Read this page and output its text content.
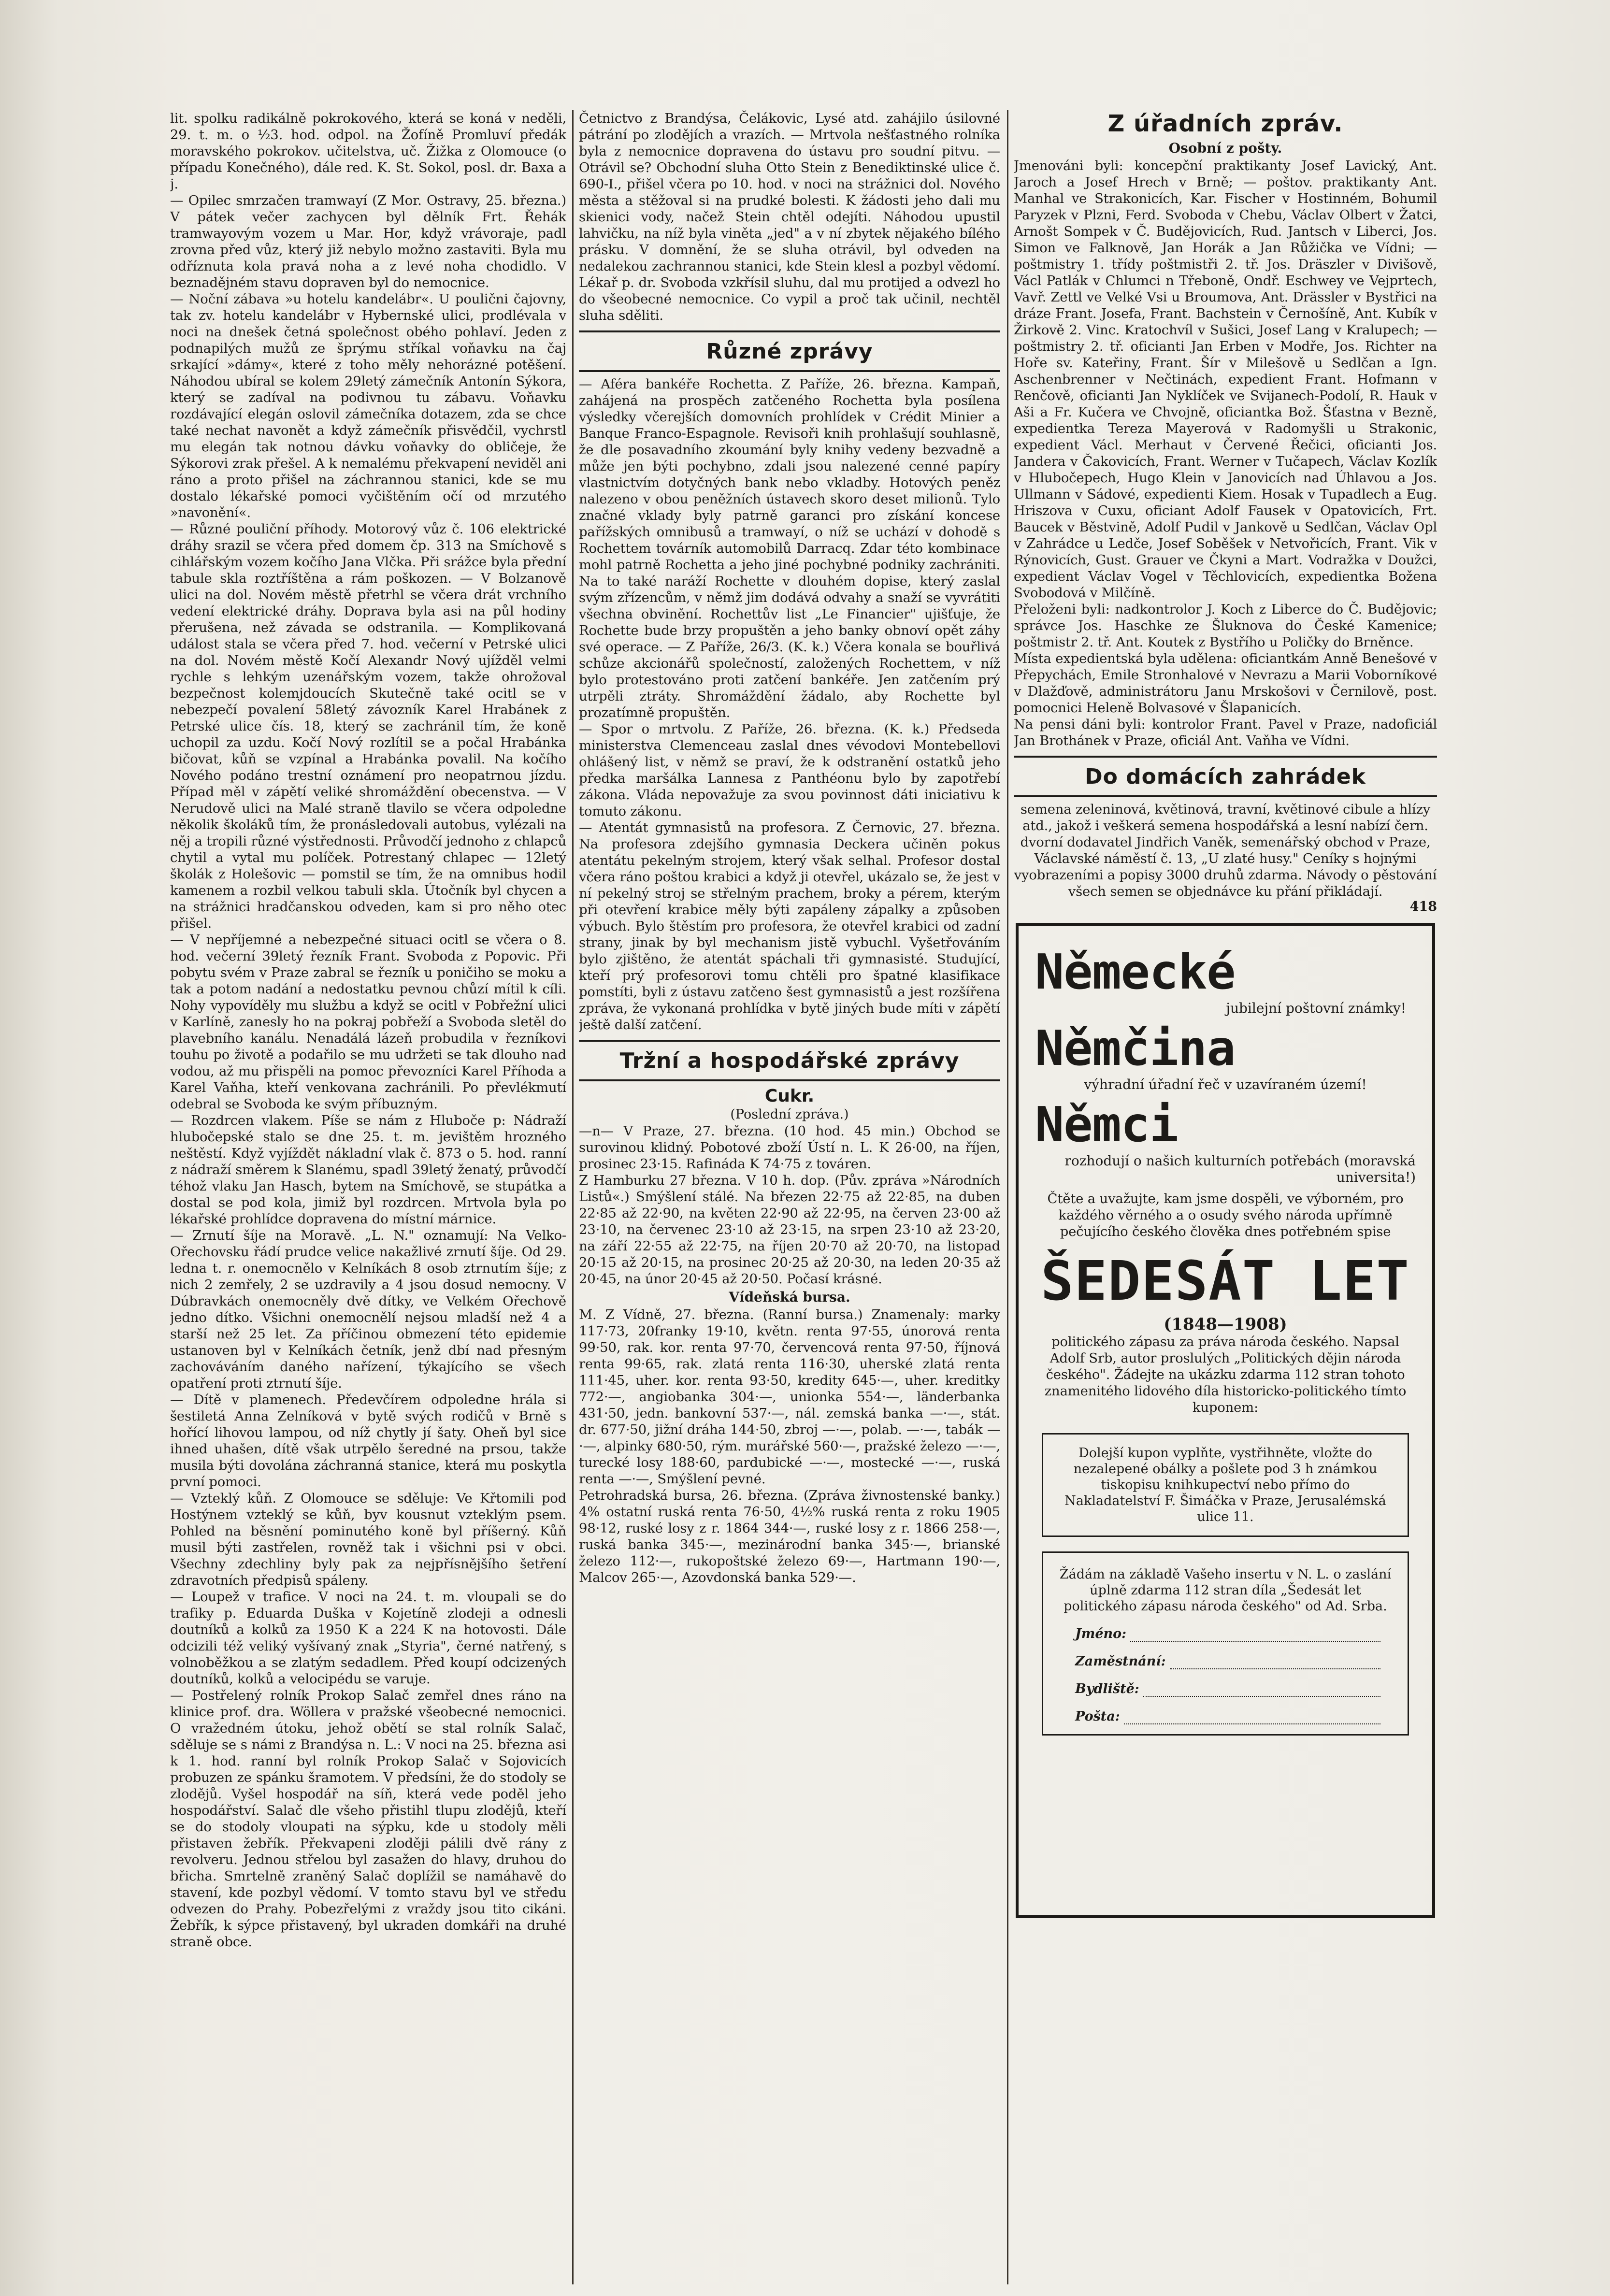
lit. spolku radikálně pokrokového, která se koná v neděli, 29. t. m. o ½3. hod. odpol. na Žofíně Promluví předák moravského pokrokov. učitelstva, uč. Žižka z Olomouce (o případu Konečného), dále red. K. St. Sokol, posl. dr. Baxa a j.

— Opilec smrzačen tramwayí (Z Mor. Ostravy, 25. března.) V pátek večer zachycen byl dělník Frt. Řehák tramwayovým vozem u Mar. Hor, když vrávoraje, padl zrovna před vůz, který již nebylo možno zastaviti. Byla mu odříznuta kola pravá noha a z levé noha chodidlo. V beznadějném stavu dopraven byl do nemocnice.

— Noční zábava »u hotelu kandelábr«. U poulični čajovny, tak zv. hotelu kandelábr v Hybernské ulici, prodlévala v noci na dnešek četná společnost obého pohlaví. Jeden z podnapilých mužů ze šprýmu stříkal voňavku na čaj srkající »dámy«, které z toho měly nehorázné potěšení. Náhodou ubíral se kolem 29letý zámečník Antonín Sýkora, který se zadíval na podivnou tu zábavu. Voňavku rozdávající elegán oslovil zámečníka dotazem, zda se chce také nechat navonět a když zámečník přisvědčil, vychrstl mu elegán tak notnou dávku voňavky do obličeje, že Sýkorovi zrak přešel. A k nemalému překvapení neviděl ani ráno a proto přišel na záchrannou stanici, kde se mu dostalo lékařské pomoci vyčištěním očí od mrzutého »navonění«.

— Různé pouliční příhody. Motorový vůz č. 106 elektrické dráhy srazil se včera před domem čp. 313 na Smíchově s cihlářským vozem kočího Jana Vlčka. Při srážce byla přední tabule skla roztříštěna a rám poškozen. — V Bolzanově ulici na dol. Novém městě přetrhl se včera drát vrchního vedení elektrické dráhy. Doprava byla asi na půl hodiny přerušena, než závada se odstranila. — Komplikovaná událost stala se včera před 7. hod. večerní v Petrské ulici na dol. Novém městě Kočí Alexandr Nový ujížděl velmi rychle s lehkým uzenářským vozem, takže ohrožoval bezpečnost kolemjdoucích Skutečně také ocitl se v nebezpečí povalení 58letý závozník Karel Hrabánek z Petrské ulice čís. 18, který se zachránil tím, že koně uchopil za uzdu. Kočí Nový rozlítil se a počal Hrabánka bičovat, kůň se vzpínal a Hrabánka povalil. Na kočího Nového podáno trestní oznámení pro neopatrnou jízdu. Případ měl v zápětí veliké shromáždění obecenstva. — V Nerudově ulici na Malé straně tlavilo se včera odpoledne několik školáků tím, že pronásledovali autobus, vylézali na něj a tropili různé výstřednosti. Průvodčí jednoho z chlapců chytil a vytal mu políček. Potrestaný chlapec — 12letý školák z Holešovic — pomstil se tím, že na omnibus hodil kamenem a rozbil velkou tabuli skla. Útočník byl chycen a na strážnici hradčanskou odveden, kam si pro něho otec přišel.

— V nepříjemné a nebezpečné situaci ocitl se včera o 8. hod. večerní 39letý řezník Frant. Svoboda z Popovic. Při pobytu svém v Praze zabral se řezník u poničiho se moku a tak a potom nadání a nedostatku pevnou chůzí mítil k cíli. Nohy vypovíděly mu službu a když se ocitl v Pobřežní ulici v Karlíně, zanesly ho na pokraj pobřeží a Svoboda sletěl do plavebního kanálu. Nenadálá lázeň probudila v řezníkovi touhu po životě a podařilo se mu udržeti se tak dlouho nad vodou, až mu přispěli na pomoc převozníci Karel Příhoda a Karel Vaňha, kteří venkovana zachránili. Po převlékmutí odebral se Svoboda ke svým příbuzným.

— Rozdrcen vlakem. Píše se nám z Hluboče p: Nádraží hlubočepské stalo se dne 25. t. m. jevištěm hrozného neštěstí. Když vyjíždět nákladní vlak č. 873 o 5. hod. ranní z nádraží směrem k Slanému, spadl 39letý ženatý, průvodčí téhož vlaku Jan Hasch, bytem na Smíchově, se stupátka a dostal se pod kola, jimiž byl rozdrcen. Mrtvola byla po lékařské prohlídce dopravena do místní márnice.

— Zrnutí šíje na Moravě. „L. N." oznamují: Na Velko-Ořechovsku řádí prudce velice nakažlivé zrnutí šíje. Od 29. ledna t. r. onemocnělo v Kelníkách 8 osob ztrnutím šíje; z nich 2 zemřely, 2 se uzdravily a 4 jsou dosud nemocny. V Dúbravkách onemocněly dvě dítky, ve Velkém Ořechově jedno dítko. Všichni onemocnělí nejsou mladší než 4 a starší než 25 let. Za příčinou obmezení této epidemie ustanoven byl v Kelníkách četník, jenž dbí nad přesným zachováváním daného nařízení, týkajícího se všech opatření proti ztrnutí šíje.

— Dítě v plamenech. Předevčírem odpoledne hrála si šestiletá Anna Zelníková v bytě svých rodičů v Brně s hořící lihovou lampou, od níž chytly jí šaty. Oheň byl sice ihned uhašen, dítě však utrpělo šeredné na prsou, takže musila býti dovolána záchranná stanice, která mu poskytla první pomoci.

— Vzteklý kůň. Z Olomouce se sděluje: Ve Křtomili pod Hostýnem vzteklý se kůň, byv kousnut vzteklým psem. Pohled na běsnění pominutého koně byl příšerný. Kůň musil býti zastřelen, rovněž tak i všichni psi v obci. Všechny zdechliny byly pak za nejpřísnějšího šetření zdravotních předpisů spáleny.

— Loupež v trafice. V noci na 24. t. m. vloupali se do trafiky p. Eduarda Duška v Kojetíně zlodeji a odnesli doutníků a kolků za 1950 K a 224 K na hotovosti. Dále odcizili též veliký vyšívaný znak „Styria", černé natřený, s volnoběžkou a se zlatým sedadlem. Před koupí odcizených doutníků, kolků a velocipédu se varuje.

— Postřelený rolník Prokop Salač zemřel dnes ráno na klinice prof. dra. Wöllera v pražské všeobecné nemocnici. O vražedném útoku, jehož obětí se stal rolník Salač, sděluje se s námi z Brandýsa n. L.: V noci na 25. března asi k 1. hod. ranní byl rolník Prokop Salač v Sojovicích probuzen ze spánku šramotem. V předsíni, že do stodoly se zlodějů. Vyšel hospodář na síň, která vede poděl jeho hospodářství. Salač dle všeho přistihl tlupu zlodějů, kteří se do stodoly vloupati na sýpku, kde u stodoly měli přistaven žebřík. Překvapeni zloději pálili dvě rány z revolveru. Jednou střelou byl zasažen do hlavy, druhou do břicha. Smrtelně zraněný Salač doplížil se namáhavě do stavení, kde pozbyl vědomí. V tomto stavu byl ve středu odvezen do Prahy. Pobezřelými z vraždy jsou tito cikáni. Žebřík, k sýpce přistavený, byl ukraden domkáři na druhé straně obce.

Četnictvo z Brandýsa, Čelákovic, Lysé atd. zahájilo úsilovné pátrání po zlodějích a vrazích. — Mrtvola nešťastného rolníka byla z nemocnice dopravena do ústavu pro soudní pitvu. — Otrávil se? Obchodní sluha Otto Stein z Benediktinské ulice č. 690-I., přišel včera po 10. hod. v noci na strážnici dol. Nového města a stěžoval si na prudké bolesti. K žádosti jeho dali mu skienici vody, načež Stein chtěl odejíti. Náhodou upustil lahvičku, na níž byla viněta „jed" a v ní zbytek nějakého bílého prásku. V domnění, že se sluha otrávil, byl odveden na nedalekou zachrannou stanici, kde Stein klesl a pozbyl vědomí. Lékař p. dr. Svoboda vzkřísil sluhu, dal mu protijed a odvezl ho do všeobecné nemocnice. Co vypil a proč tak učinil, nechtěl sluha sděliti.

Různé zprávy

— Aféra bankéře Rochetta. Z Paříže, 26. března. Kampaň, zahájená na prospěch zatčeného Rochetta byla posílena výsledky včerejších domovních prohlídek v Crédit Minier a Banque Franco-Espagnole. Revisoři knih prohlašují souhlasně, že dle posavadního zkoumání byly knihy vedeny bezvadně a může jen býti pochybno, zdali jsou nalezené cenné papíry vlastnictvím dotyčných bank nebo vkladby. Hotových peněz nalezeno v obou peněžních ústavech skoro deset milionů. Tylo značné vklady byly patrně garanci pro získání koncese pařížských omnibusů a tramwayí, o níž se uchází v dohodě s Rochettem továrník automobilů Darracq. Zdar této kombinace mohl patrně Rochetta a jeho jiné pochybné podniky zachrániti. Na to také naráží Rochette v dlouhém dopise, který zaslal svým zřízencům, v němž jim dodává odvahy a snaží se vyvrátiti všechna obvinění. Rochettův list „Le Financier" ujišťuje, že Rochette bude brzy propuštěn a jeho banky obnoví opět záhy své operace. — Z Paříže, 26/3. (K. k.) Včera konala se bouřlivá schůze akcionářů společností, založených Rochettem, v níž bylo protestováno proti zatčení bankéře. Jen zatčením prý utrpěli ztráty. Shromáždění žádalo, aby Rochette byl prozatímně propuštěn.

— Spor o mrtvolu. Z Paříže, 26. března. (K. k.) Předseda ministerstva Clemenceau zaslal dnes vévodovi Montebellovi ohlášený list, v němž se praví, že k odstranění ostatků jeho předka maršálka Lannesa z Panthéonu bylo by zapotřebí zákona. Vláda nepovažuje za svou povinnost dáti iniciativu k tomuto zákonu.

— Atentát gymnasistů na profesora. Z Černovic, 27. března. Na profesora zdejšího gymnasia Deckera učiněn pokus atentátu pekelným strojem, který však selhal. Profesor dostal včera ráno poštou krabici a když ji otevřel, ukázalo se, že jest v ní pekelný stroj se střelným prachem, broky a pérem, kterým při otevření krabice měly býti zapáleny zápalky a způsoben výbuch. Bylo štěstím pro profesora, že otevřel krabici od zadní strany, jinak by byl mechanism jistě vybuchl. Vyšetřováním bylo zjištěno, že atentát spáchali tři gymnasisté. Studující, kteří prý profesorovi tomu chtěli pro špatné klasifikace pomstíti, byli z ústavu zatčeno šest gymnasistů a jest rozšířena zpráva, že vykonaná prohlídka v bytě jiných bude míti v zápětí ještě další zatčení.

Tržní a hospodářské zprávy
Cukr.
(Poslední zpráva.)

—n— V Praze, 27. března. (10 hod. 45 min.) Obchod se surovinou klidný. Pobotové zboží Ústí n. L. K 26·00, na říjen, prosinec 23·15. Rafináda K 74·75 z továren.

Z Hamburku 27 března. V 10 h. dop. (Pův. zpráva »Národních Listů«.) Smýšlení stálé. Na březen 22·75 až 22·85, na duben 22·85 až 22·90, na květen 22·90 až 22·95, na červen 23·00 až 23·10, na červenec 23·10 až 23·15, na srpen 23·10 až 23·20, na září 22·55 až 22·75, na říjen 20·70 až 20·70, na listopad 20·15 až 20·15, na prosinec 20·25 až 20·30, na leden 20·35 až 20·45, na únor 20·45 až 20·50. Počasí krásné.

Vídeňská bursa.

M. Z Vídně, 27. března. (Ranní bursa.) Znamenaly: marky 117·73, 20franky 19·10, květn. renta 97·55, únorová renta 99·50, rak. kor. renta 97·70, červencová renta 97·50, říjnová renta 99·65, rak. zlatá renta 116·30, uherské zlatá renta 111·45, uher. kor. renta 93·50, kredity 645·—, uher. kreditky 772·—, angiobanka 304·—, unionka 554·—, länderbanka 431·50, jedn. bankovní 537·—, nál. zemská banka —·—, stát. dr. 677·50, jižní dráha 144·50, zbroj —·—, polab. —·—, tabák —·—, alpinky 680·50, rým. murářské 560·—, pražské železo —·—, turecké losy 188·60, pardubické —·—, mostecké —·—, ruská renta —·—, Smýšlení pevné.

Petrohradská bursa, 26. března. (Zpráva živnostenské banky.) 4% ostatní ruská renta 76·50, 4½% ruská renta z roku 1905 98·12, ruské losy z r. 1864 344·—, ruské losy z r. 1866 258·—, ruská banka 345·—, mezinárodní banka 345·—, brianské železo 112·—, rukopoštské železo 69·—, Hartmann 190·—, Malcov 265·—, Azovdonská banka 529·—.

Z úřadních zpráv.
Osobní z pošty.

Jmenováni byli: koncepční praktikanty Josef Lavický, Ant. Jaroch a Josef Hrech v Brně; — poštov. praktikanty Ant. Manhal ve Strakonicích, Kar. Fischer v Hostinném, Bohumil Paryzek v Plzni, Ferd. Svoboda v Chebu, Václav Olbert v Žatci, Arnošt Sompek v Č. Budějovicích, Rud. Jantsch v Liberci, Jos. Simon ve Falknově, Jan Horák a Jan Růžička ve Vídni; — poštmistry 1. třídy poštmistři 2. tř. Jos. Dräszler v Divišově, Václ Patlák v Chlumci n Třeboně, Ondř. Eschwey ve Vejprtech, Vavř. Zettl ve Velké Vsi u Broumova, Ant. Drässler v Bystřici na dráze Frant. Josefa, Frant. Bachstein v Černošíně, Ant. Kubík v Žirkově 2. Vinc. Kratochvíl v Sušici, Josef Lang v Kralupech; — poštmistry 2. tř. oficianti Jan Erben v Modře, Jos. Richter na Hoře sv. Kateřiny, Frant. Šír v Milešově u Sedlčan a Ign. Aschenbrenner v Nečtinách, expedient Frant. Hofmann v Renčově, oficianti Jan Nyklíček ve Svijanech-Podolí, R. Hauk v Aši a Fr. Kučera ve Chvojně, oficiantka Bož. Šťastna v Bezně, expedientka Tereza Mayerová v Radomyšli u Strakonic, expedient Václ. Merhaut v Červené Řečici, oficianti Jos. Jandera v Čakovicích, Frant. Werner v Tučapech, Václav Kozlík v Hlubočepech, Hugo Klein v Janovicích nad Úhlavou a Jos. Ullmann v Sádové, expedienti Kiem. Hosak v Tupadlech a Eug. Hriszova v Cuxu, oficiant Adolf Fausek v Opatovicích, Frt. Baucek v Běstvině, Adolf Pudil v Jankově u Sedlčan, Václav Opl v Zahrádce u Ledče, Josef Soběšek v Netvořicích, Frant. Vik v Rýnovicích, Gust. Grauer ve Čkyni a Mart. Vodražka v Doužci, expedient Václav Vogel v Těchlovicích, expedientka Božena Svobodová v Milčíně.

Přeloženi byli: nadkontrolor J. Koch z Liberce do Č. Budějovic; správce Jos. Haschke ze Šluknova do České Kamenice; poštmistr 2. tř. Ant. Koutek z Bystřího u Poličky do Brněnce.

Místa expedientská byla udělena: oficiantkám Anně Benešové v Přepychách, Emile Stronhalové v Nevrazu a Marii Voborníkové v Dlažďově, administrátoru Janu Mrskošovi v Černilově, post. pomocnici Heleně Bolvasové v Šlapanicích.

Na pensi dáni byli: kontrolor Frant. Pavel v Praze, nadoficiál Jan Brothánek v Praze, oficiál Ant. Vaňha ve Vídni.

Do domácích zahrádek

semena zeleninová, květinová, travní, květinové cibule a hlízy atd., jakož i veškerá semena hospodářská a lesní nabízí čern. dvorní dodavatel Jindřich Vaněk, semenářský obchod v Praze, Václavské náměstí č. 13, „U zlaté husy." Ceníky s hojnými vyobrazeními a popisy 3000 druhů zdarma. Návody o pěstování všech semen se objednávce ku přání přikládají.

418
Německé
jubilejní poštovní známky!
Němčina
výhradní úřadní řeč v uzavíraném území!
Němci
rozhodují o našich kulturních potřebách (moravská universita!)

Čtěte a uvažujte, kam jsme dospěli, ve výborném, pro každého věrného a o osudy svého národa upřímně pečujícího českého člověka dnes potřebném spise

ŠEDESÁT LET
(1848—1908)

politického zápasu za práva národa českého. Napsal Adolf Srb, autor proslulých „Politických dějin národa českého". Žádejte na ukázku zdarma 112 stran tohoto znamenitého lidového díla historicko-politického tímto kuponem:

Dolejší kupon vyplňte, vystřihněte, vložte do nezalepené obálky a pošlete pod 3 h známkou tiskopisu knihkupectví nebo přímo do Nakladatelství F. Šimáčka v Praze, Jerusalémská ulice 11.
Žádám na základě Vašeho insertu v N. L. o zaslání úplně zdarma 112 stran díla „Šedesát let politického zápasu národa českého" od Ad. Srba.
Jméno:
Zaměstnání:
Bydliště:
Pošta:
